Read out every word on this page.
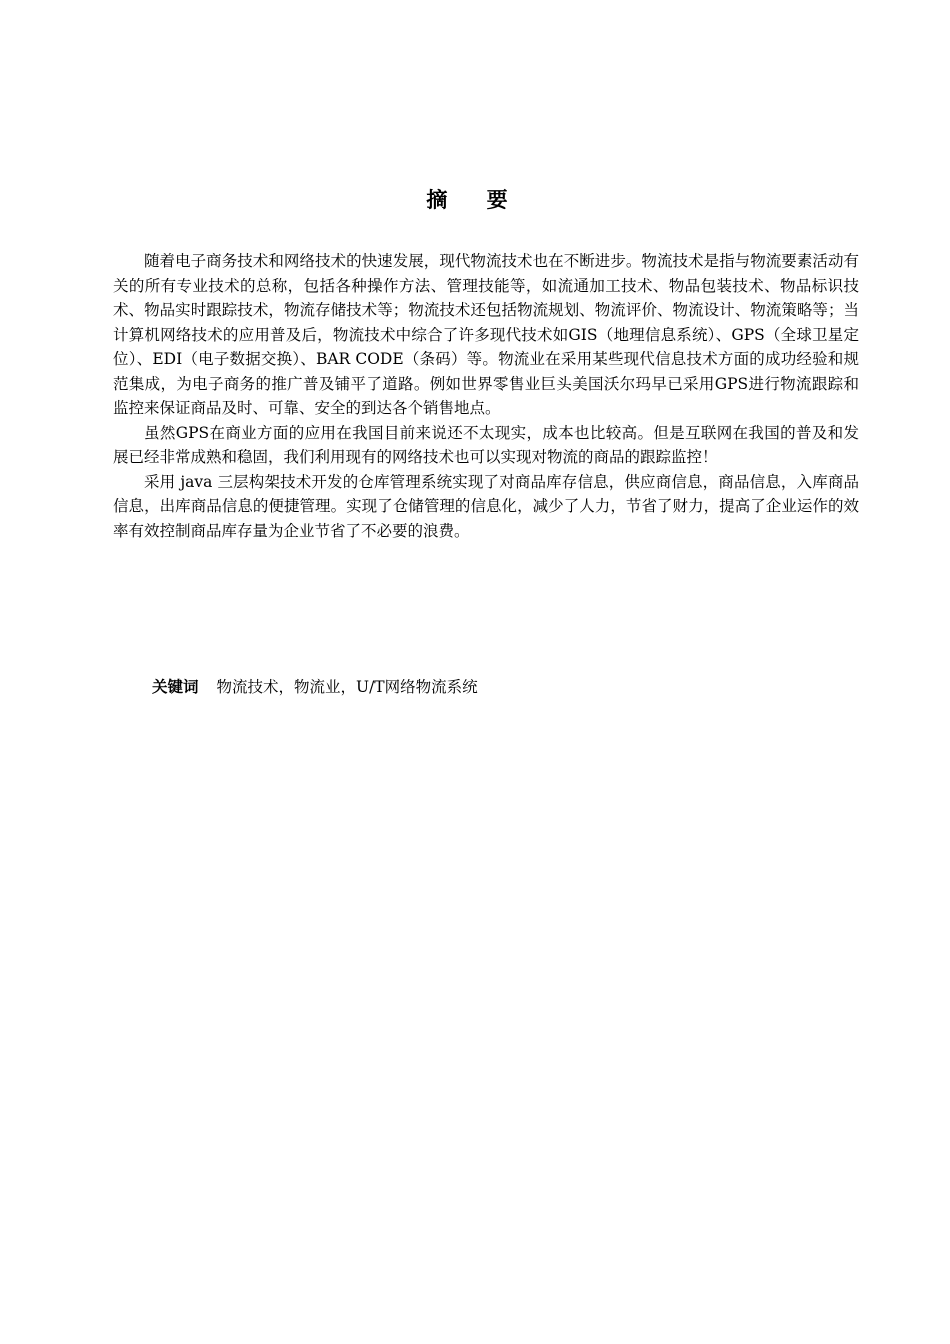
摘 要

随着电子商务技术和网络技术的快速发展，现代物流技术也在不断进步。物流技术是指与物流要素活动有关的所有专业技术的总称，包括各种操作方法、管理技能等，如流通加工技术、物品包装技术、物品标识技术、物品实时跟踪技术，物流存储技术等；物流技术还包括物流规划、物流评价、物流设计、物流策略等；当计算机网络技术的应用普及后，物流技术中综合了许多现代技术如GIS（地理信息系统）、GPS（全球卫星定位）、EDI（电子数据交换）、BAR CODE（条码）等。物流业在采用某些现代信息技术方面的成功经验和规范集成，为电子商务的推广普及铺平了道路。例如世界零售业巨头美国沃尔玛早已采用GPS进行物流跟踪和监控来保证商品及时、可靠、安全的到达各个销售地点。

虽然GPS在商业方面的应用在我国目前来说还不太现实，成本也比较高。但是互联网在我国的普及和发展已经非常成熟和稳固，我们利用现有的网络技术也可以实现对物流的商品的跟踪监控！

采用 java 三层构架技术开发的仓库管理系统实现了对商品库存信息，供应商信息，商品信息，入库商品信息，出库商品信息的便捷管理。实现了仓储管理的信息化，减少了人力，节省了财力，提高了企业运作的效率有效控制商品库存量为企业节省了不必要的浪费。

关键词 物流技术，物流业，U/T网络物流系统
